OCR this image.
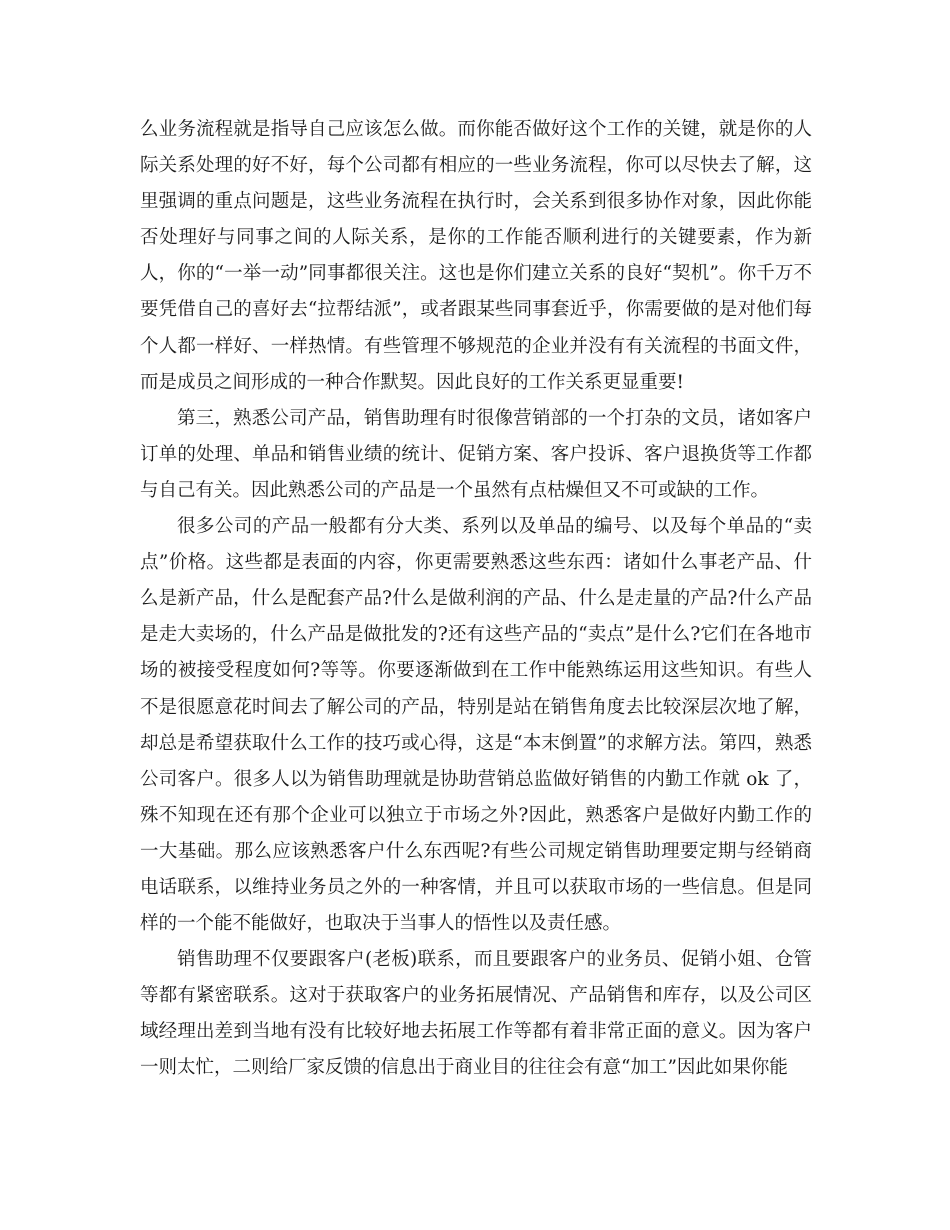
么业务流程就是指导自己应该怎么做。而你能否做好这个工作的关键，就是你的人际关系处理的好不好，每个公司都有相应的一些业务流程，你可以尽快去了解，这里强调的重点问题是，这些业务流程在执行时，会关系到很多协作对象，因此你能否处理好与同事之间的人际关系，是你的工作能否顺利进行的关键要素，作为新人，你的“一举一动”同事都很关注。这也是你们建立关系的良好“契机”。你千万不要凭借自己的喜好去“拉帮结派”，或者跟某些同事套近乎，你需要做的是对他们每个人都一样好、一样热情。有些管理不够规范的企业并没有有关流程的书面文件，而是成员之间形成的一种合作默契。因此良好的工作关系更显重要!

第三，熟悉公司产品，销售助理有时很像营销部的一个打杂的文员，诸如客户订单的处理、单品和销售业绩的统计、促销方案、客户投诉、客户退换货等工作都与自己有关。因此熟悉公司的产品是一个虽然有点枯燥但又不可或缺的工作。

很多公司的产品一般都有分大类、系列以及单品的编号、以及每个单品的“卖点”价格。这些都是表面的内容，你更需要熟悉这些东西：诸如什么事老产品、什么是新产品，什么是配套产品?什么是做利润的产品、什么是走量的产品?什么产品是走大卖场的，什么产品是做批发的?还有这些产品的“卖点”是什么?它们在各地市场的被接受程度如何?等等。你要逐渐做到在工作中能熟练运用这些知识。有些人不是很愿意花时间去了解公司的产品，特别是站在销售角度去比较深层次地了解，却总是希望获取什么工作的技巧或心得，这是“本末倒置”的求解方法。第四，熟悉公司客户。很多人以为销售助理就是协助营销总监做好销售的内勤工作就 ok 了，殊不知现在还有那个企业可以独立于市场之外?因此，熟悉客户是做好内勤工作的一大基础。那么应该熟悉客户什么东西呢?有些公司规定销售助理要定期与经销商电话联系，以维持业务员之外的一种客情，并且可以获取市场的一些信息。但是同样的一个能不能做好，也取决于当事人的悟性以及责任感。

销售助理不仅要跟客户(老板)联系，而且要跟客户的业务员、促销小姐、仓管等都有紧密联系。这对于获取客户的业务拓展情况、产品销售和库存，以及公司区域经理出差到当地有没有比较好地去拓展工作等都有着非常正面的意义。因为客户一则太忙，二则给厂家反馈的信息出于商业目的往往会有意“加工”因此如果你能
